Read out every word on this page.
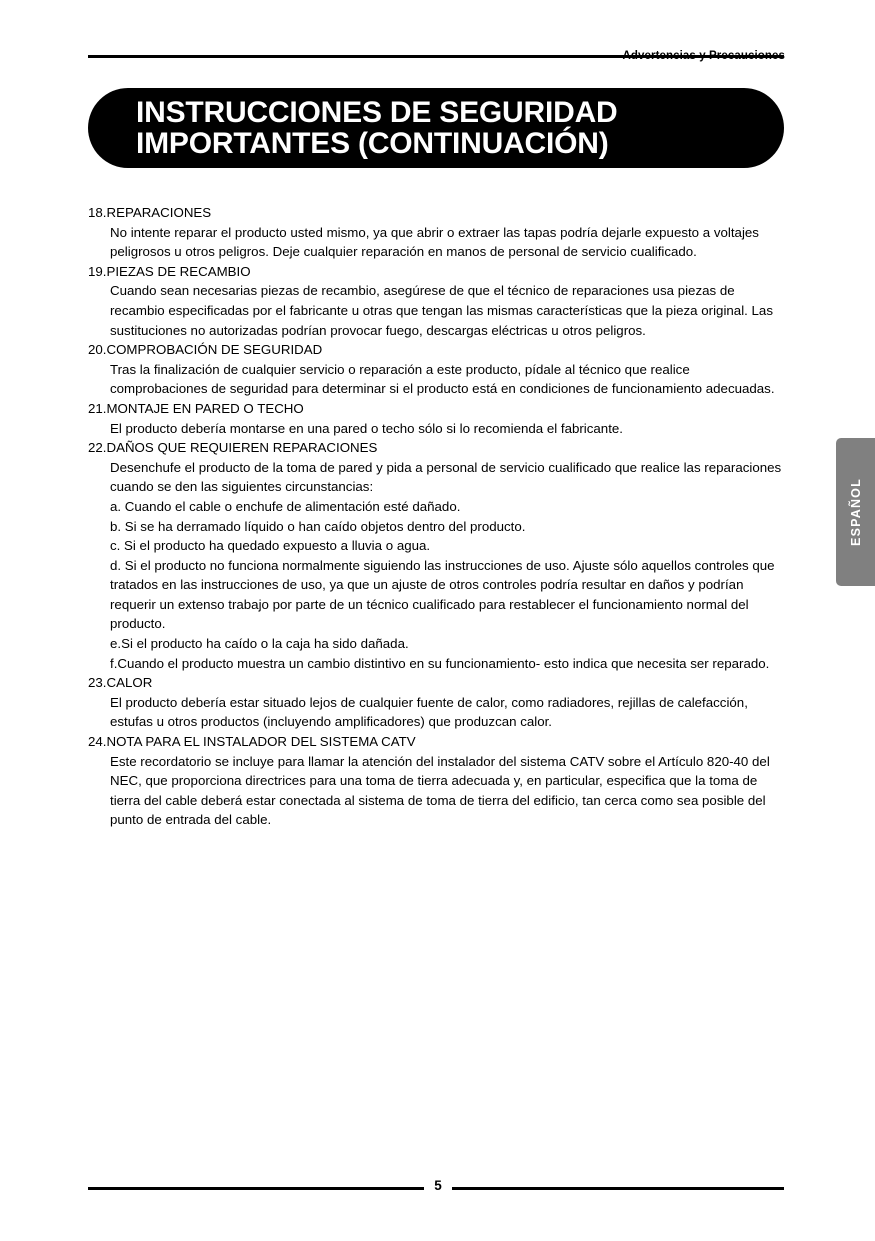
Advertencias y Precauciones
INSTRUCCIONES DE SEGURIDAD
IMPORTANTES (CONTINUACIÓN)
18.REPARACIONES
No intente reparar el producto usted mismo, ya que abrir o extraer las tapas podría dejarle expuesto a voltajes peligrosos u otros peligros. Deje cualquier reparación en manos de personal de servicio cualificado.
19.PIEZAS DE RECAMBIO
Cuando sean necesarias piezas de recambio, asegúrese de que el técnico de reparaciones usa piezas de recambio especificadas por el fabricante u otras que tengan las mismas características que la pieza original. Las sustituciones no autorizadas podrían provocar fuego, descargas eléctricas u otros peligros.
20.COMPROBACIÓN DE SEGURIDAD
Tras la finalización de cualquier servicio o reparación a este producto, pídale al técnico que realice comprobaciones de seguridad para determinar si el producto está en condiciones de funcionamiento adecuadas.
21.MONTAJE EN PARED O TECHO
El producto debería montarse en una pared o techo sólo si lo recomienda el fabricante.
22.DAÑOS QUE REQUIEREN REPARACIONES
Desenchufe el producto de la toma de pared y pida a personal de servicio cualificado que realice las reparaciones cuando se den las siguientes circunstancias:
a. Cuando el cable o enchufe de alimentación esté dañado.
b. Si se ha derramado líquido o han caído objetos dentro del producto.
c. Si el producto ha quedado expuesto a lluvia o agua.
d. Si el producto no funciona normalmente siguiendo las instrucciones de uso. Ajuste sólo aquellos controles que tratados en las instrucciones de uso, ya que un ajuste de otros controles podría resultar en daños y podrían requerir un extenso trabajo por parte de un técnico cualificado para restablecer el funcionamiento normal del producto.
e.Si el producto ha caído o la caja ha sido dañada.
f.Cuando el producto muestra un cambio distintivo en su funcionamiento- esto indica que necesita ser reparado.
23.CALOR
El producto debería estar situado lejos de cualquier fuente de calor, como radiadores, rejillas de calefacción, estufas u otros productos (incluyendo amplificadores) que produzcan calor.
24.NOTA PARA EL INSTALADOR DEL SISTEMA CATV
Este recordatorio se incluye para llamar la atención del instalador del sistema CATV sobre el Artículo 820-40 del NEC, que proporciona directrices para una toma de tierra adecuada y, en particular, especifica que la toma de tierra del cable deberá estar conectada al sistema de toma de tierra del edificio, tan cerca como sea posible del punto de entrada del cable.
ESPAÑOL
5
